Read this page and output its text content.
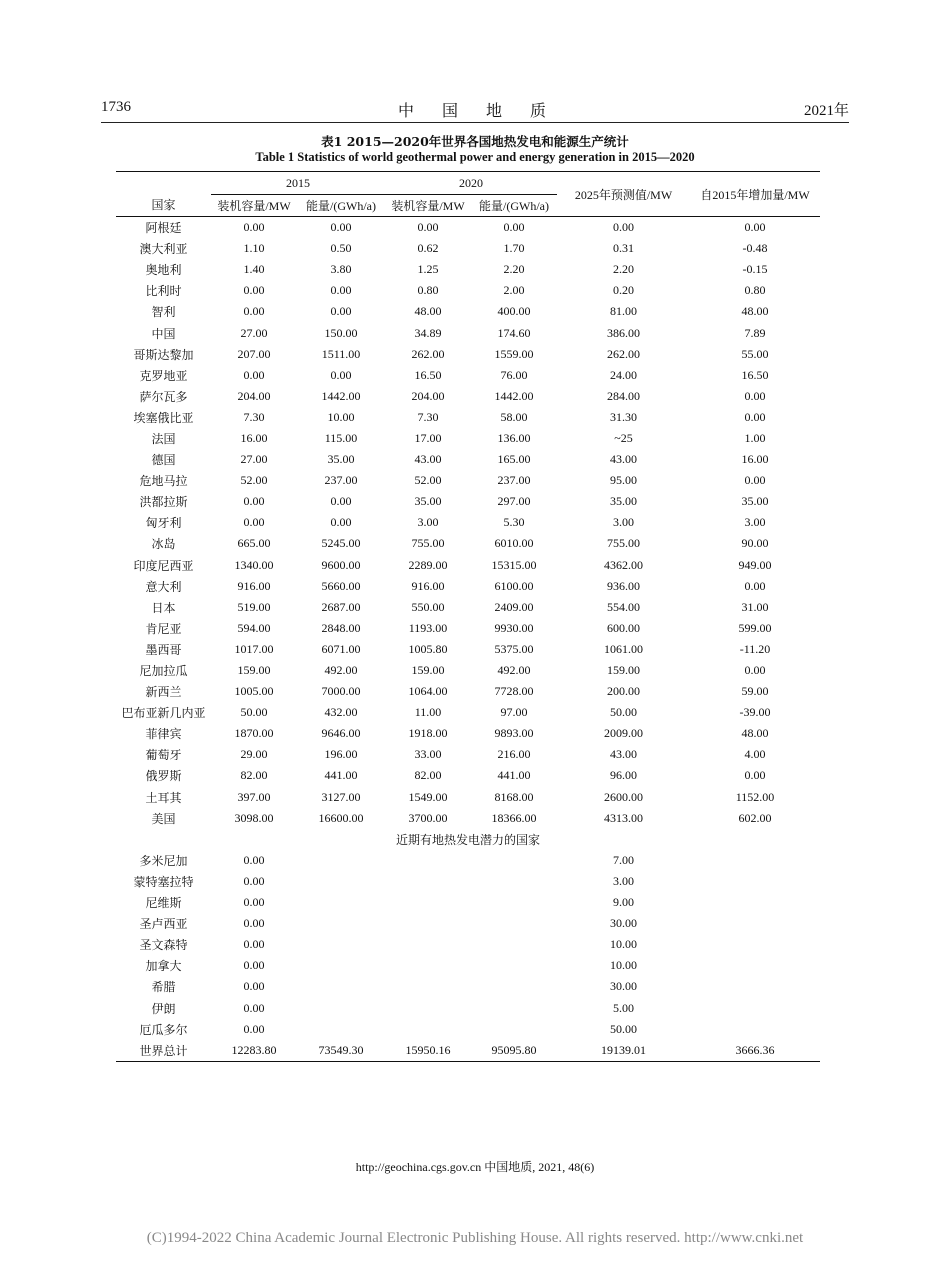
1736	中国地质	2021年
表1 2015—2020年世界各国地热发电和能源生产统计
Table 1 Statistics of world geothermal power and energy generation in 2015—2020
国家	2015		2020		2025年预测值/MW	自2015年增加量/MW
	装机容量/MW	能量/(GWh/a)	装机容量/MW	能量/(GWh/a)		
阿根廷	0.00	0.00	0.00	0.00	0.00	0.00
澳大利亚	1.10	0.50	0.62	1.70	0.31	-0.48
奥地利	1.40	3.80	1.25	2.20	2.20	-0.15
比利时	0.00	0.00	0.80	2.00	0.20	0.80
智利	0.00	0.00	48.00	400.00	81.00	48.00
中国	27.00	150.00	34.89	174.60	386.00	7.89
哥斯达黎加	207.00	1511.00	262.00	1559.00	262.00	55.00
克罗地亚	0.00	0.00	16.50	76.00	24.00	16.50
萨尔瓦多	204.00	1442.00	204.00	1442.00	284.00	0.00
埃塞俄比亚	7.30	10.00	7.30	58.00	31.30	0.00
法国	16.00	115.00	17.00	136.00	~25	1.00
德国	27.00	35.00	43.00	165.00	43.00	16.00
危地马拉	52.00	237.00	52.00	237.00	95.00	0.00
洪都拉斯	0.00	0.00	35.00	297.00	35.00	35.00
匈牙利	0.00	0.00	3.00	5.30	3.00	3.00
冰岛	665.00	5245.00	755.00	6010.00	755.00	90.00
印度尼西亚	1340.00	9600.00	2289.00	15315.00	4362.00	949.00
意大利	916.00	5660.00	916.00	6100.00	936.00	0.00
日本	519.00	2687.00	550.00	2409.00	554.00	31.00
肯尼亚	594.00	2848.00	1193.00	9930.00	600.00	599.00
墨西哥	1017.00	6071.00	1005.80	5375.00	1061.00	-11.20
尼加拉瓜	159.00	492.00	159.00	492.00	159.00	0.00
新西兰	1005.00	7000.00	1064.00	7728.00	200.00	59.00
巴布亚新几内亚	50.00	432.00	11.00	97.00	50.00	-39.00
菲律宾	1870.00	9646.00	1918.00	9893.00	2009.00	48.00
葡萄牙	29.00	196.00	33.00	216.00	43.00	4.00
俄罗斯	82.00	441.00	82.00	441.00	96.00	0.00
土耳其	397.00	3127.00	1549.00	8168.00	2600.00	1152.00
美国	3098.00	16600.00	3700.00	18366.00	4313.00	602.00
近期有地热发电潜力的国家						
多米尼加	0.00				7.00	
蒙特塞拉特	0.00				3.00	
尼维斯	0.00				9.00	
圣卢西亚	0.00				30.00	
圣文森特	0.00				10.00	
加拿大	0.00				10.00	
希腊	0.00				30.00	
伊朗	0.00				5.00	
厄瓜多尔	0.00				50.00	
世界总计	12283.80	73549.30	15950.16	95095.80	19139.01	3666.36
http://geochina.cgs.gov.cn 中国地质, 2021, 48(6)
(C)1994-2022 China Academic Journal Electronic Publishing House. All rights reserved. http://www.cnki.net
